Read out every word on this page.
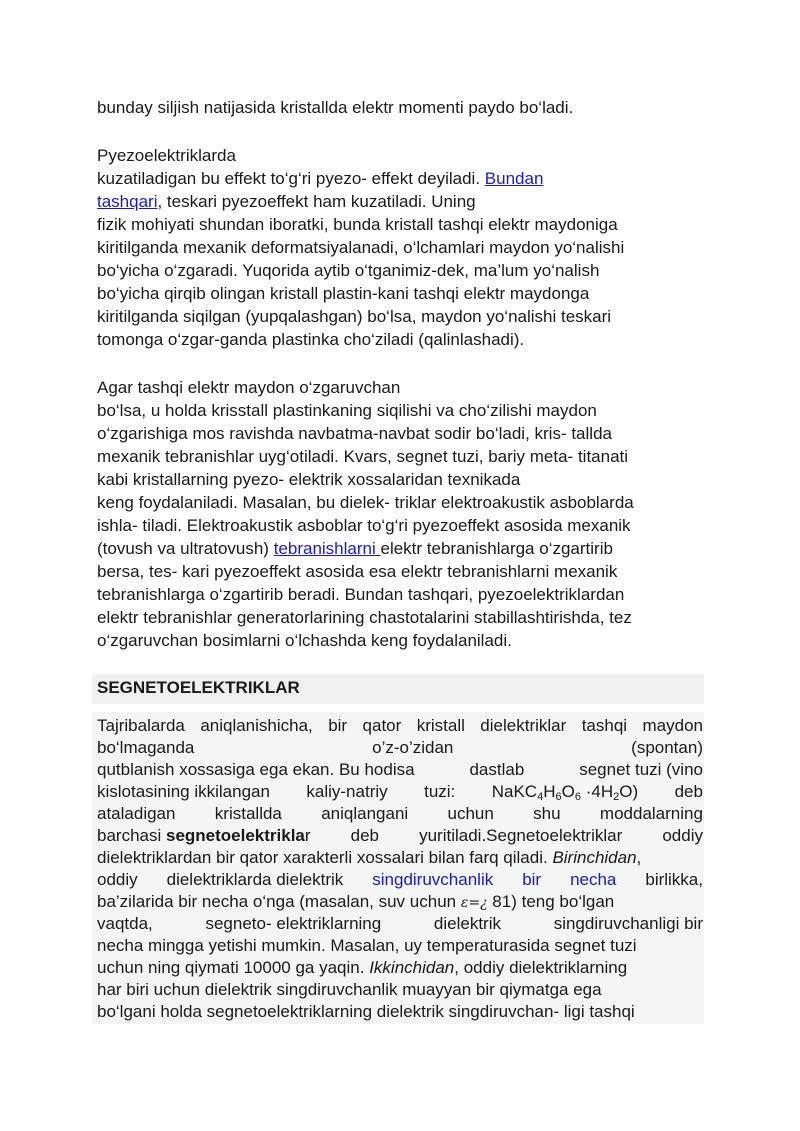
bunday siljish natijasida kristallda elektr momenti paydo bo‘ladi.
Pyezoelektriklarda
kuzatiladigan bu effekt to‘g‘ri pyezo- effekt deyiladi. Bundan
tashqari, teskari pyezoeffekt ham kuzatiladi. Uning
fizik mohiyati shundan iboratki, bunda kristall tashqi elektr maydoniga
kiritilganda mexanik deformatsiyalanadi, o‘lchamlari maydon yo‘nalishi
bo‘yicha o‘zgaradi. Yuqorida aytib o‘tganimiz-dek, ma’lum yo‘nalish
bo‘yicha qirqib olingan kristall plastin-kani tashqi elektr maydonga
kiritilganda siqilgan (yupqalashgan) bo‘lsa, maydon yo‘nalishi teskari
tomonga o‘zgar-ganda plastinka cho‘ziladi (qalinlashadi).
Agar tashqi elektr maydon o‘zgaruvchan
bo‘lsa, u holda krisstall plastinkaning siqilishi va cho‘zilishi maydon
o‘zgarishiga mos ravishda navbatma-navbat sodir bo‘ladi, kris- tallda
mexanik tebranishlar uyg‘otiladi. Kvars, segnet tuzi, bariy meta- titanati
kabi kristallarning pyezo- elektrik xossalaridan texnikada
keng foydalaniladi. Masalan, bu dielek- triklar elektroakustik asboblarda
ishla- tiladi. Elektroakustik asboblar to‘g‘ri pyezoeffekt asosida mexanik
(tovush va ultratovush) tebranishlarni elektr tebranishlarga o‘zgartirib
bersa, tes- kari pyezoeffekt asosida esa elektr tebranishlarni mexanik
tebranishlarga o‘zgartirib beradi. Bundan tashqari, pyezoelektriklardan
elektr tebranishlar generatorlarining chastotalarini stabillashtirishda, tez
o‘zgaruvchan bosimlarni o‘lchashda keng foydalaniladi.
SEGNETOELEKTRIKLAR
Tajribalarda aniqlanishicha, bir qator kristall dielektriklar tashqi maydon
bo‘lmaganda	o’z-o’zidan	(spontan)
qutblanish xossasiga ega ekan. Bu hodisa	dastlab	segnet tuzi (vino
kislotasining ikkilangan kaliy-natriy tuzi: $NaKC_4H_6O_6 \cdot 4H_2O$) deb
ataladigan kristallda aniqlangani uchun shu moddalarning
barchasi segnetoelektriklar deb yuritiladi.Segnetoelektriklar oddiy
dielektriklardan bir qator xarakterli xossalari bilan farq qiladi. Birinchidan,
oddiy dielektriklarda dielektrik singdiruvchanlik bir necha birlikka,
ba’zilarida bir necha o‘nga (masalan, suv uchun ε=¿ 81) teng bo‘lgan
vaqtda,	segneto- elektriklarning	dielektrik	singdiruvchanligi bir
necha mingga yetishi mumkin. Masalan, uy temperaturasida segnet tuzi
uchun ning qiymati 10000 ga yaqin. Ikkinchidan, oddiy dielektriklarning
har biri uchun dielektrik singdiruvchanlik muayyan bir qiymatga ega
bo‘lgani holda segnetoelektriklarning dielektrik singdiruvchan- ligi tashqi
